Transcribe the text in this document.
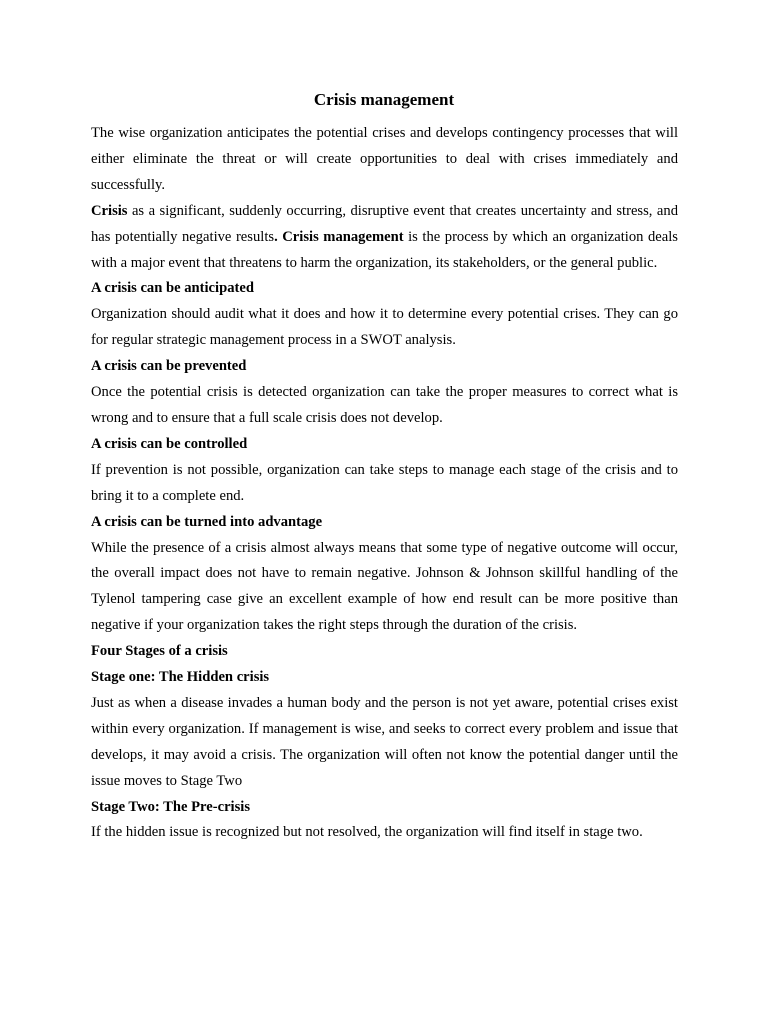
Crisis management

The wise organization anticipates the potential crises and develops contingency processes that will either eliminate the threat or will create opportunities to deal with crises immediately and successfully.

Crisis as a significant, suddenly occurring, disruptive event that creates uncertainty and stress, and has potentially negative results. Crisis management is the process by which an organization deals with a major event that threatens to harm the organization, its stakeholders, or the general public.

A crisis can be anticipated

Organization should audit what it does and how it to determine every potential crises. They can go for regular strategic management process in a SWOT analysis.

A crisis can be prevented

Once the potential crisis is detected organization can take the proper measures to correct what is wrong and to ensure that a full scale crisis does not develop.

A crisis can be controlled

If prevention is not possible, organization can take steps to manage each stage of the crisis and to bring it to a complete end.

A crisis can be turned into advantage

While the presence of a crisis almost always means that some type of negative outcome will occur, the overall impact does not have to remain negative. Johnson & Johnson skillful handling of the Tylenol tampering case give an excellent example of how end result can be more positive than negative if your organization takes the right steps through the duration of the crisis.

Four Stages of a crisis

Stage one: The Hidden crisis

Just as when a disease invades a human body and the person is not yet aware, potential crises exist within every organization. If management is wise, and seeks to correct every problem and issue that develops, it may avoid a crisis. The organization will often not know the potential danger until the issue moves to Stage Two

Stage Two: The Pre-crisis

If the hidden issue is recognized but not resolved, the organization will find itself in stage two.
